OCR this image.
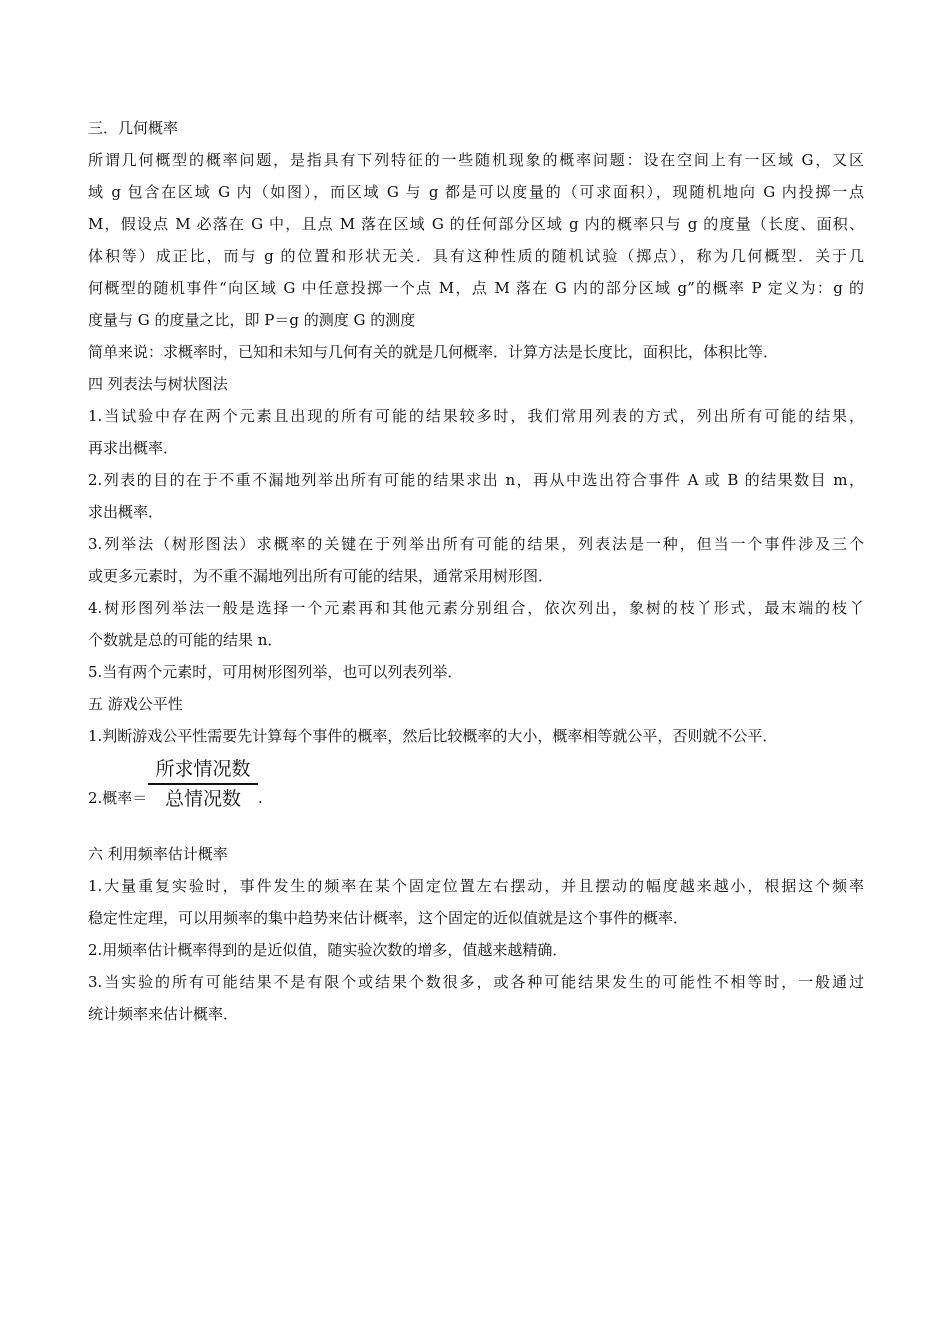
三．几何概率
所谓几何概型的概率问题，是指具有下列特征的一些随机现象的概率问题：设在空间上有一区域 G，又区
域 g 包含在区域 G 内（如图），而区域 G 与 g 都是可以度量的（可求面积），现随机地向 G 内投掷一点
M，假设点 M 必落在 G 中，且点 M 落在区域 G 的任何部分区域 g 内的概率只与 g 的度量（长度、面积、
体积等）成正比，而与 g 的位置和形状无关．具有这种性质的随机试验（掷点），称为几何概型．关于几
何概型的随机事件“向区域 G 中任意投掷一个点 M，点 M 落在 G 内的部分区域 g”的概率 P 定义为：g 的
度量与 G 的度量之比，即 P＝g 的测度 G 的测度
简单来说：求概率时，已知和未知与几何有关的就是几何概率．计算方法是长度比，面积比，体积比等．
四 列表法与树状图法
1.当试验中存在两个元素且出现的所有可能的结果较多时，我们常用列表的方式，列出所有可能的结果，
再求出概率．
2.列表的目的在于不重不漏地列举出所有可能的结果求出 n，再从中选出符合事件 A 或 B 的结果数目 m，
求出概率．
3.列举法（树形图法）求概率的关键在于列举出所有可能的结果，列表法是一种，但当一个事件涉及三个
或更多元素时，为不重不漏地列出所有可能的结果，通常采用树形图．
4.树形图列举法一般是选择一个元素再和其他元素分别组合，依次列出，象树的枝丫形式，最末端的枝丫
个数就是总的可能的结果 n．
5.当有两个元素时，可用树形图列举，也可以列表列举．
五 游戏公平性
1.判断游戏公平性需要先计算每个事件的概率，然后比较概率的大小，概率相等就公平，否则就不公平．
2.概率＝
所求情况数
总情况数	.
六 利用频率估计概率
1.大量重复实验时，事件发生的频率在某个固定位置左右摆动，并且摆动的幅度越来越小，根据这个频率
稳定性定理，可以用频率的集中趋势来估计概率，这个固定的近似值就是这个事件的概率．
2.用频率估计概率得到的是近似值，随实验次数的增多，值越来越精确．
3.当实验的所有可能结果不是有限个或结果个数很多，或各种可能结果发生的可能性不相等时，一般通过
统计频率来估计概率．
